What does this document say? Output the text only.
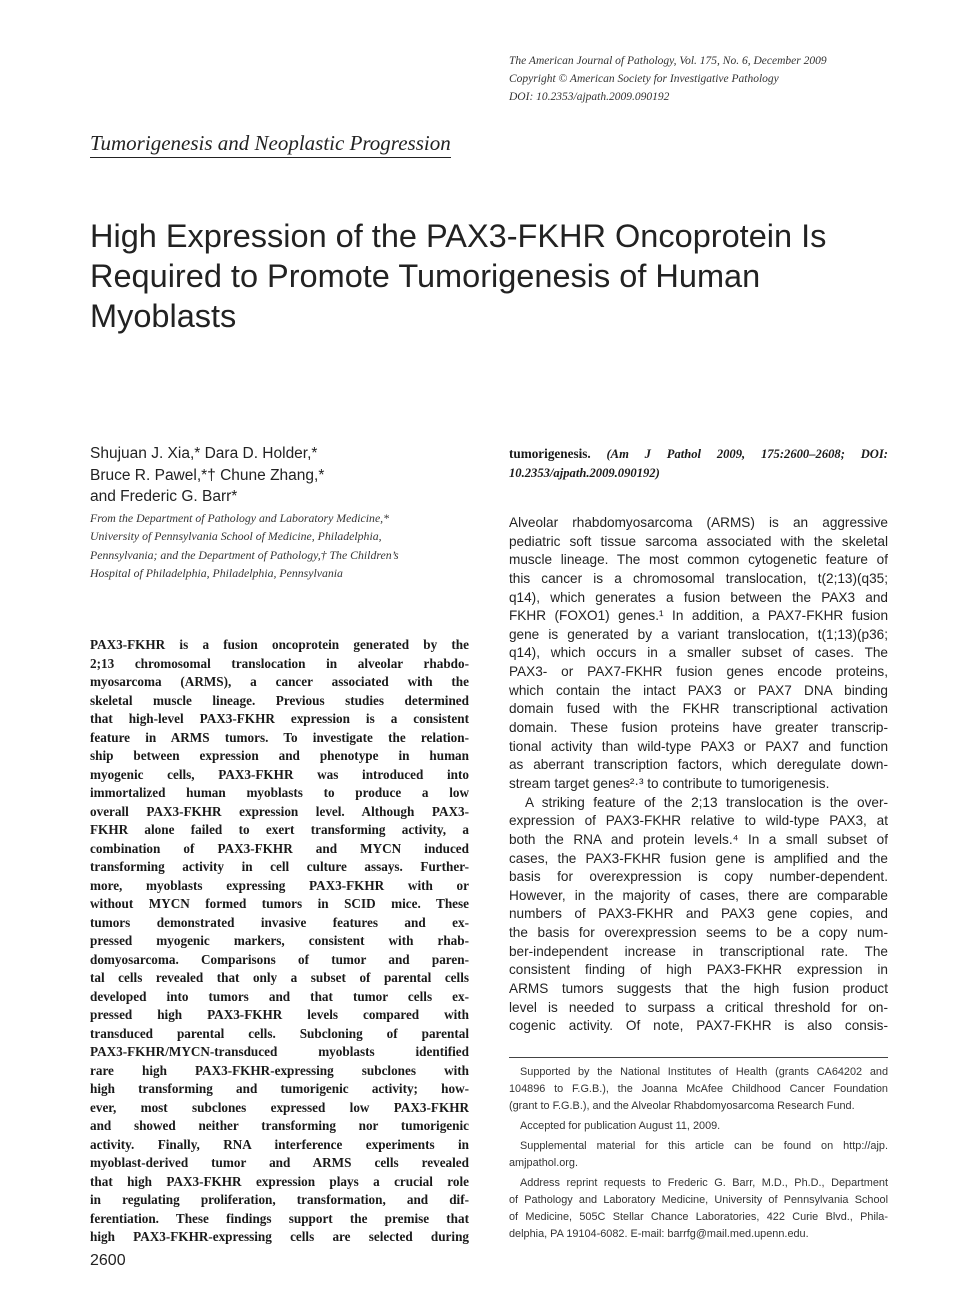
The American Journal of Pathology, Vol. 175, No. 6, December 2009
Copyright © American Society for Investigative Pathology
DOI: 10.2353/ajpath.2009.090192
Tumorigenesis and Neoplastic Progression
High Expression of the PAX3-FKHR Oncoprotein Is
Required to Promote Tumorigenesis of Human
Myoblasts
Shujuan J. Xia,* Dara D. Holder,*
Bruce R. Pawel,*† Chune Zhang,*
and Frederic G. Barr*
From the Department of Pathology and Laboratory Medicine,*
University of Pennsylvania School of Medicine, Philadelphia,
Pennsylvania; and the Department of Pathology,† The Children’s
Hospital of Philadelphia, Philadelphia, Pennsylvania
PAX3-FKHR is a fusion oncoprotein generated by the
2;13 chromosomal translocation in alveolar rhabdo-
myosarcoma (ARMS), a cancer associated with the
skeletal muscle lineage. Previous studies determined
that high-level PAX3-FKHR expression is a consistent
feature in ARMS tumors. To investigate the relation-
ship between expression and phenotype in human
myogenic cells, PAX3-FKHR was introduced into
immortalized human myoblasts to produce a low
overall PAX3-FKHR expression level. Although PAX3-
FKHR alone failed to exert transforming activity, a
combination of PAX3-FKHR and MYCN induced
transforming activity in cell culture assays. Further-
more, myoblasts expressing PAX3-FKHR with or
without MYCN formed tumors in SCID mice. These
tumors demonstrated invasive features and ex-
pressed myogenic markers, consistent with rhab-
domyosarcoma. Comparisons of tumor and paren-
tal cells revealed that only a subset of parental cells
developed into tumors and that tumor cells ex-
pressed high PAX3-FKHR levels compared with
transduced parental cells. Subcloning of parental
PAX3-FKHR/MYCN-transduced myoblasts identified
rare high PAX3-FKHR-expressing subclones with
high transforming and tumorigenic activity; how-
ever, most subclones expressed low PAX3-FKHR
and showed neither transforming nor tumorigenic
activity. Finally, RNA interference experiments in
myoblast-derived tumor and ARMS cells revealed
that high PAX3-FKHR expression plays a crucial role
in regulating proliferation, transformation, and dif-
ferentiation. These findings support the premise that
high PAX3-FKHR-expressing cells are selected during
tumorigenesis. (Am J Pathol 2009, 175:2600–2608; DOI:
10.2353/ajpath.2009.090192)
Alveolar rhabdomyosarcoma (ARMS) is an aggressive
pediatric soft tissue sarcoma associated with the skeletal
muscle lineage. The most common cytogenetic feature of
this cancer is a chromosomal translocation, t(2;13)(q35;
q14), which generates a fusion between the PAX3 and
FKHR (FOXO1) genes.¹ In addition, a PAX7-FKHR fusion
gene is generated by a variant translocation, t(1;13)(p36;
q14), which occurs in a smaller subset of cases. The
PAX3- or PAX7-FKHR fusion genes encode proteins,
which contain the intact PAX3 or PAX7 DNA binding
domain fused with the FKHR transcriptional activation
domain. These fusion proteins have greater transcrip-
tional activity than wild-type PAX3 or PAX7 and function
as aberrant transcription factors, which deregulate down-
stream target genes²·³ to contribute to tumorigenesis.
A striking feature of the 2;13 translocation is the over-
expression of PAX3-FKHR relative to wild-type PAX3, at
both the RNA and protein levels.⁴ In a small subset of
cases, the PAX3-FKHR fusion gene is amplified and the
basis for overexpression is copy number-dependent.
However, in the majority of cases, there are comparable
numbers of PAX3-FKHR and PAX3 gene copies, and
the basis for overexpression seems to be a copy num-
ber-independent increase in transcriptional rate. The
consistent finding of high PAX3-FKHR expression in
ARMS tumors suggests that the high fusion product
level is needed to surpass a critical threshold for on-
cogenic activity. Of note, PAX7-FKHR is also consis-
Supported by the National Institutes of Health (grants CA64202 and
104896 to F.G.B.), the Joanna McAfee Childhood Cancer Foundation
(grant to F.G.B.), and the Alveolar Rhabdomyosarcoma Research Fund.
Accepted for publication August 11, 2009.
Supplemental material for this article can be found on http://ajp.
amjpathol.org.
Address reprint requests to Frederic G. Barr, M.D., Ph.D., Department
of Pathology and Laboratory Medicine, University of Pennsylvania School
of Medicine, 505C Stellar Chance Laboratories, 422 Curie Blvd., Phila-
delphia, PA 19104-6082. E-mail: barrfg@mail.med.upenn.edu.
2600
